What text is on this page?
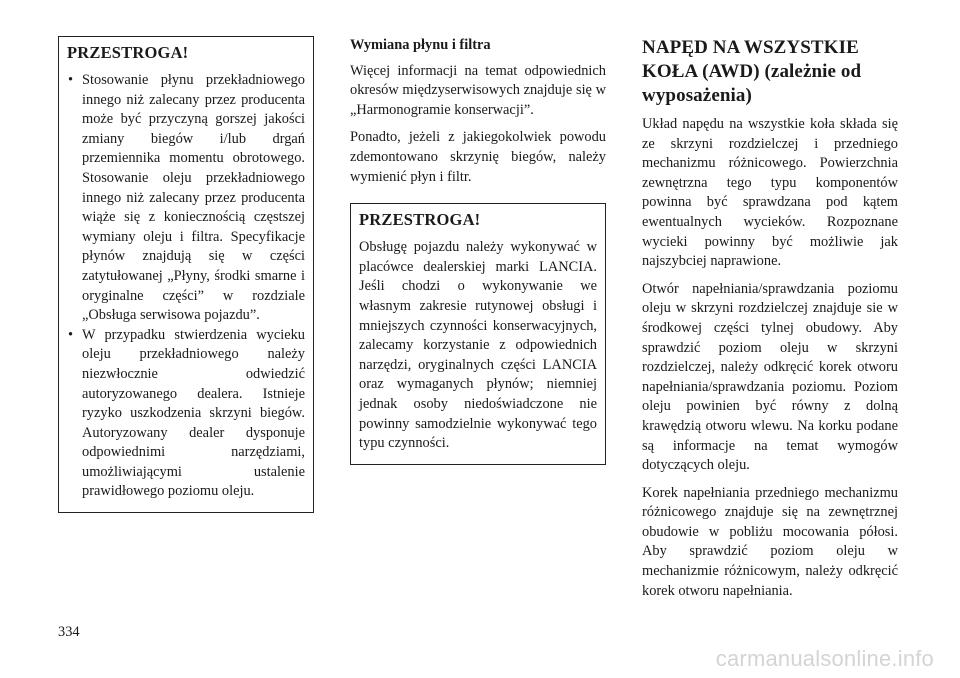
PRZESTROGA!
• Stosowanie płynu przekładniowego innego niż zalecany przez producenta może być przyczyną gorszej jakości zmiany biegów i/lub drgań przemiennika momentu obrotowego. Stosowanie oleju przekładniowego innego niż zalecany przez producenta wiąże się z koniecznością częstszej wymiany oleju i filtra. Specyfikacje płynów znajdują się w części zatytułowanej „Płyny, środki smarne i oryginalne części” w rozdziale „Obsługa serwisowa pojazdu”.
• W przypadku stwierdzenia wycieku oleju przekładniowego należy niezwłocznie odwiedzić autoryzowanego dealera. Istnieje ryzyko uszkodzenia skrzyni biegów. Autoryzowany dealer dysponuje odpowiednimi narzędziami, umożliwiającymi ustalenie prawidłowego poziomu oleju.
Wymiana płynu i filtra

Więcej informacji na temat odpowiednich okresów międzyserwisowych znajduje się w „Harmonogramie konserwacji”.

Ponadto, jeżeli z jakiegokolwiek powodu zdemontowano skrzynię biegów, należy wymienić płyn i filtr.

PRZESTROGA!

Obsługę pojazdu należy wykonywać w placówce dealerskiej marki LANCIA. Jeśli chodzi o wykonywanie we własnym zakresie rutynowej obsługi i mniejszych czynności konserwacyjnych, zalecamy korzystanie z odpowiednich narzędzi, oryginalnych części LANCIA oraz wymaganych płynów; niemniej jednak osoby niedoświadczone nie powinny samodzielnie wykonywać tego typu czynności.

NAPĘD NA WSZYSTKIE KOŁA (AWD) (zależnie od wyposażenia)

Układ napędu na wszystkie koła składa się ze skrzyni rozdzielczej i przedniego mechanizmu różnicowego. Powierzchnia zewnętrzna tego typu komponentów powinna być sprawdzana pod kątem ewentualnych wycieków. Rozpoznane wycieki powinny być możliwie jak najszybciej naprawione.

Otwór napełniania/sprawdzania poziomu oleju w skrzyni rozdzielczej znajduje sie w środkowej części tylnej obudowy. Aby sprawdzić poziom oleju w skrzyni rozdzielczej, należy odkręcić korek otworu napełniania/sprawdzania poziomu. Poziom oleju powinien być równy z dolną krawędzią otworu wlewu. Na korku podane są informacje na temat wymogów dotyczących oleju.

Korek napełniania przedniego mechanizmu różnicowego znajduje się na zewnętrznej obudowie w pobliżu mocowania półosi. Aby sprawdzić poziom oleju w mechanizmie różnicowym, należy odkręcić korek otworu napełniania.

334
carmanualsonline.info
